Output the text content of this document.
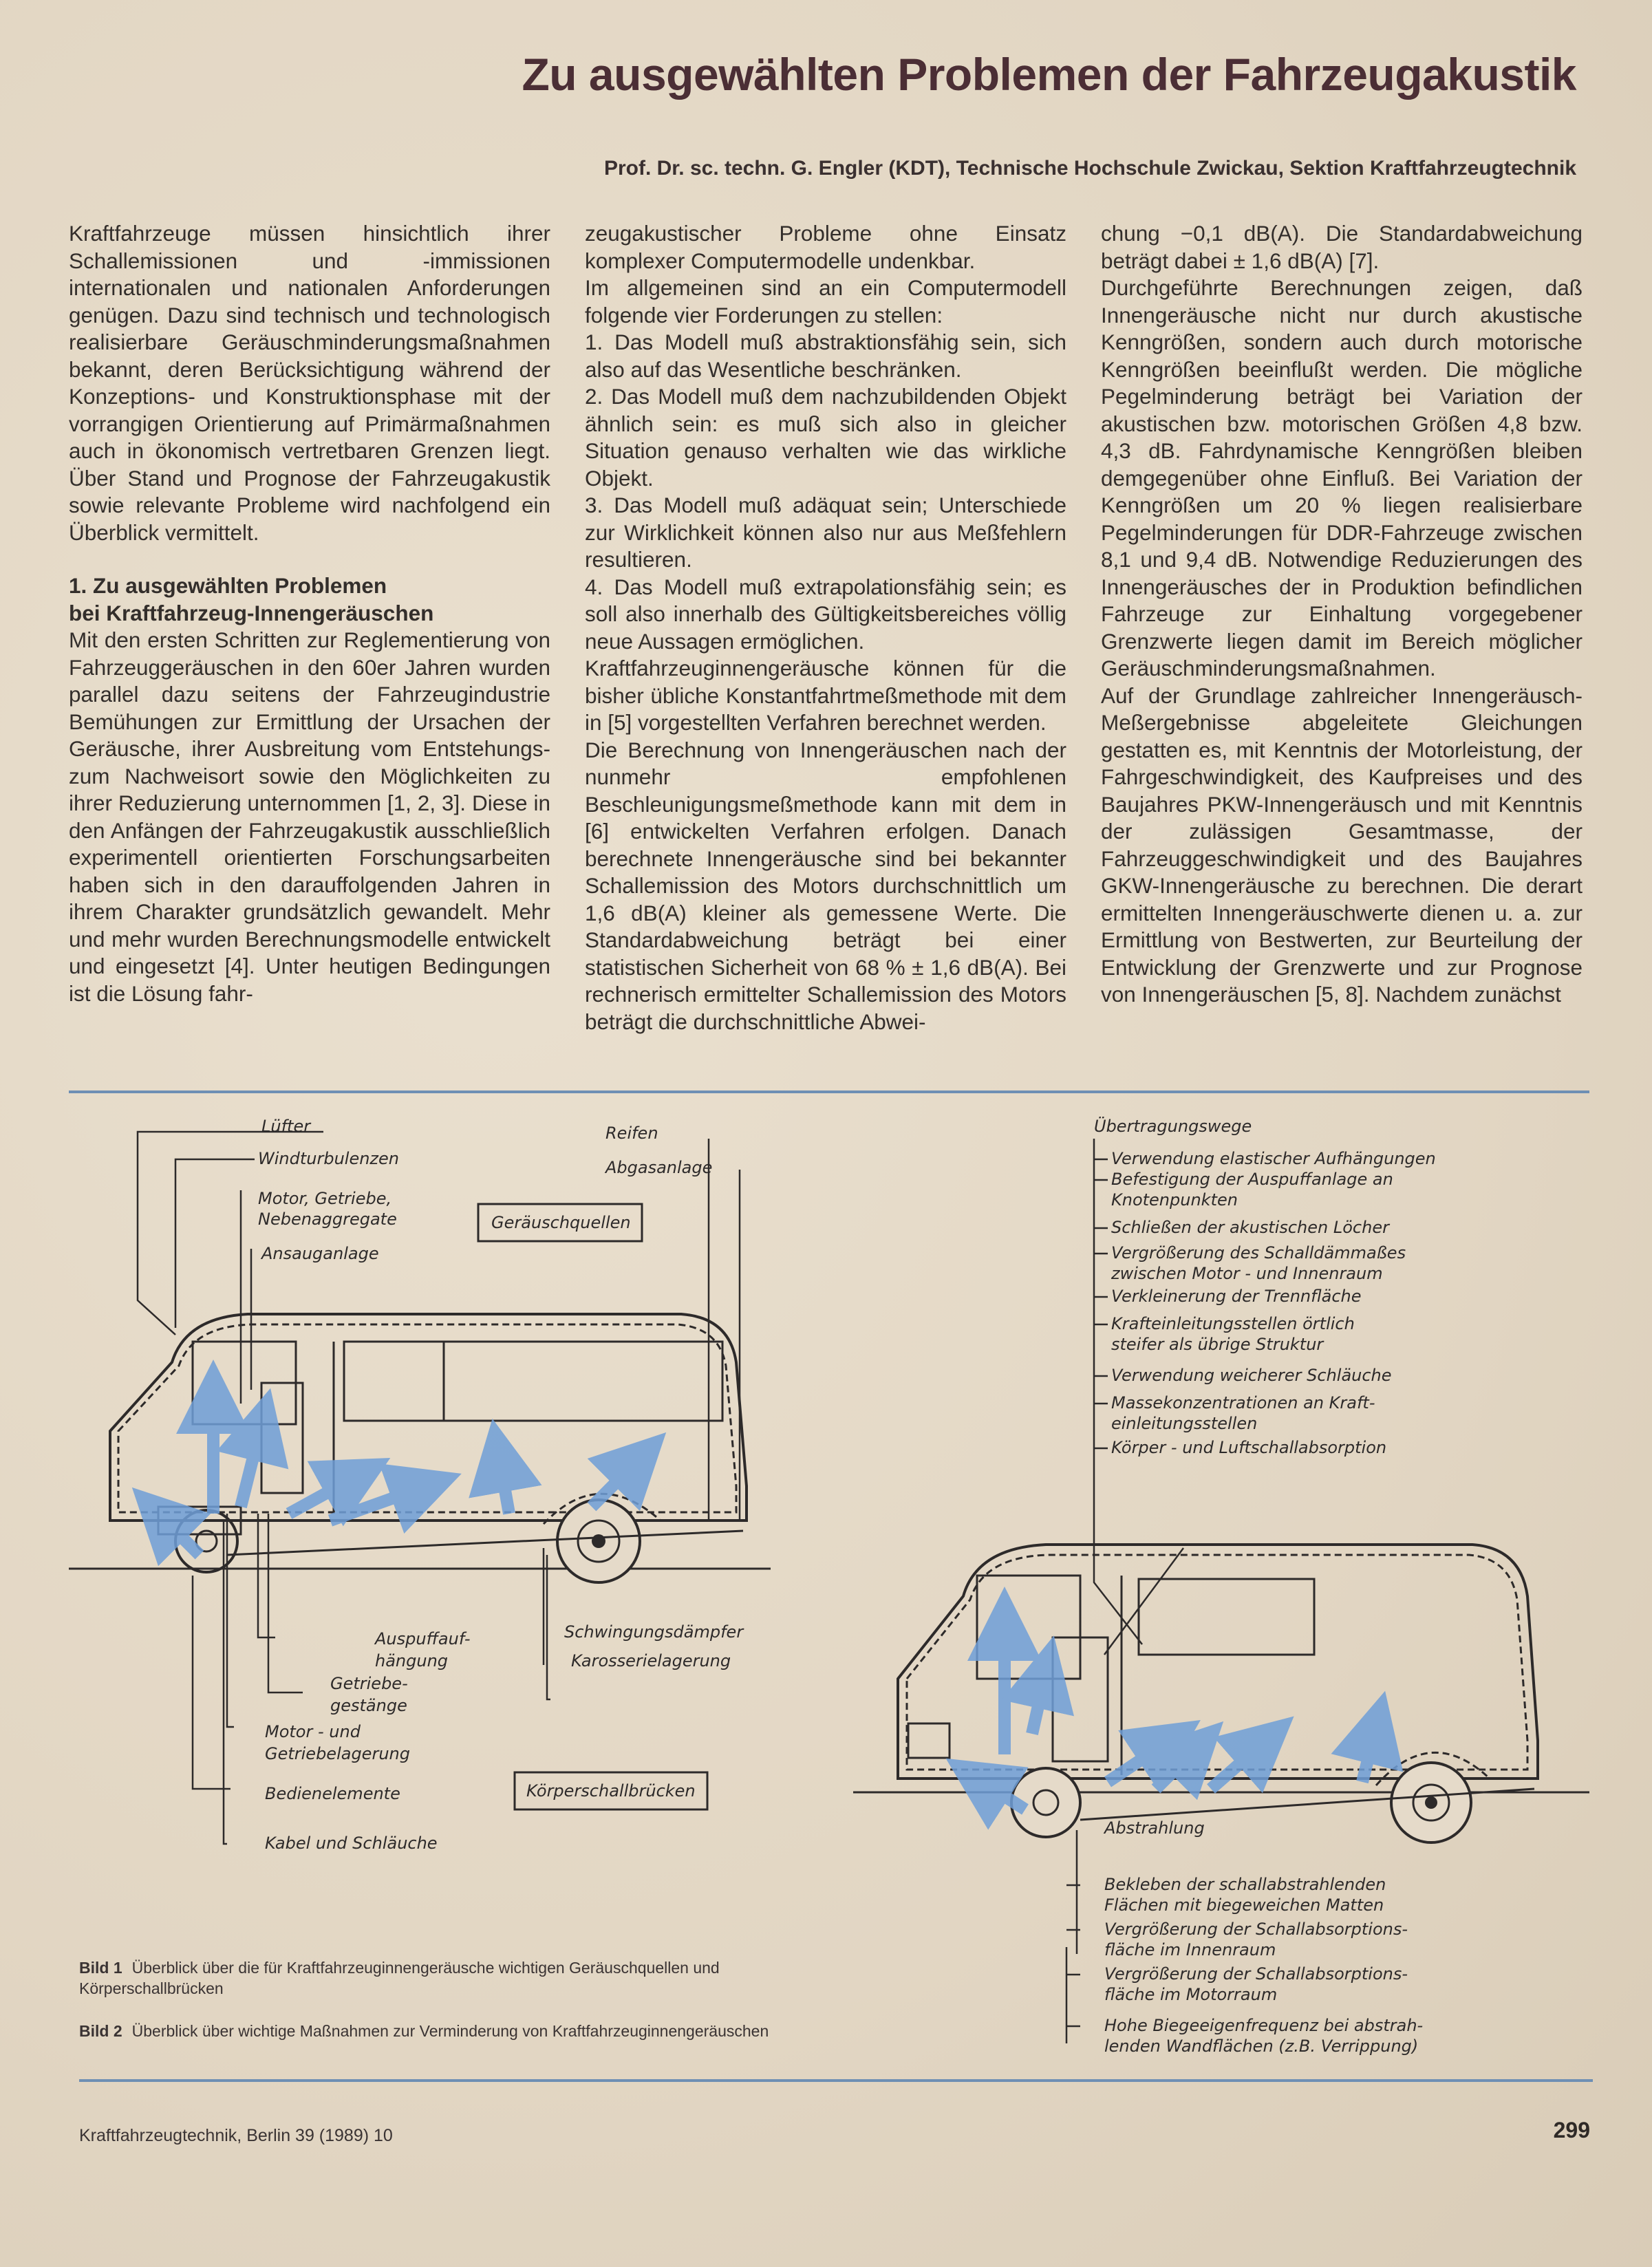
Zu ausgewählten Problemen der Fahrzeugakustik
Prof. Dr. sc. techn. G. Engler (KDT), Technische Hochschule Zwickau, Sektion Kraftfahrzeugtechnik

Kraftfahrzeuge müssen hinsichtlich ihrer Schallemissionen und -immissionen internationalen und nationalen Anforderungen genügen. Dazu sind technisch und technologisch realisierbare Geräuschminderungsmaßnahmen bekannt, deren Berücksichtigung während der Konzeptions- und Konstruktionsphase mit der vorrangigen Orientierung auf Primärmaßnahmen auch in ökonomisch vertretbaren Grenzen liegt. Über Stand und Prognose der Fahrzeugakustik sowie relevante Probleme wird nachfolgend ein Überblick vermittelt.

1. Zu ausgewählten Problemen

bei Kraftfahrzeug-Innengeräuschen

Mit den ersten Schritten zur Reglementierung von Fahrzeuggeräuschen in den 60er Jahren wurden parallel dazu seitens der Fahrzeugindustrie Bemühungen zur Ermittlung der Ursachen der Geräusche, ihrer Ausbreitung vom Entstehungs- zum Nachweisort sowie den Möglichkeiten zu ihrer Reduzierung unternommen [1, 2, 3]. Diese in den Anfängen der Fahrzeugakustik ausschließlich experimentell orientierten Forschungsarbeiten haben sich in den darauffolgenden Jahren in ihrem Charakter grundsätzlich gewandelt. Mehr und mehr wurden Berechnungsmodelle entwickelt und eingesetzt [4]. Unter heutigen Bedingungen ist die Lösung fahr-

zeugakustischer Probleme ohne Einsatz komplexer Computermodelle undenkbar.

Im allgemeinen sind an ein Computermodell folgende vier Forderungen zu stellen:

1. Das Modell muß abstraktionsfähig sein, sich also auf das Wesentliche beschränken.

2. Das Modell muß dem nachzubildenden Objekt ähnlich sein: es muß sich also in gleicher Situation genauso verhalten wie das wirkliche Objekt.

3. Das Modell muß adäquat sein; Unterschiede zur Wirklichkeit können also nur aus Meßfehlern resultieren.

4. Das Modell muß extrapolationsfähig sein; es soll also innerhalb des Gültigkeitsbereiches völlig neue Aussagen ermöglichen.

Kraftfahrzeuginnengeräusche können für die bisher übliche Konstantfahrtmeßmethode mit dem in [5] vorgestellten Verfahren berechnet werden.

Die Berechnung von Innengeräuschen nach der nunmehr empfohlenen Beschleunigungsmeßmethode kann mit dem in [6] entwickelten Verfahren erfolgen. Danach berechnete Innengeräusche sind bei bekannter Schallemission des Motors durchschnittlich um 1,6 dB(A) kleiner als gemessene Werte. Die Standardabweichung beträgt bei einer statistischen Sicherheit von 68 % ± 1,6 dB(A). Bei rechnerisch ermittelter Schallemission des Motors beträgt die durchschnittliche Abwei-

chung −0,1 dB(A). Die Standardabweichung beträgt dabei ± 1,6 dB(A) [7].

Durchgeführte Berechnungen zeigen, daß Innengeräusche nicht nur durch akustische Kenngrößen, sondern auch durch motorische Kenngrößen beeinflußt werden. Die mögliche Pegelminderung beträgt bei Variation der akustischen bzw. motorischen Größen 4,8 bzw. 4,3 dB. Fahrdynamische Kenngrößen bleiben demgegenüber ohne Einfluß. Bei Variation der Kenngrößen um 20 % liegen realisierbare Pegelminderungen für DDR-Fahrzeuge zwischen 8,1 und 9,4 dB. Notwendige Reduzierungen des Innengeräusches der in Produktion befindlichen Fahrzeuge zur Einhaltung vorgegebener Grenzwerte liegen damit im Bereich möglicher Geräuschminderungsmaßnahmen.

Auf der Grundlage zahlreicher Innengeräusch-Meßergebnisse abgeleitete Gleichungen gestatten es, mit Kenntnis der Motorleistung, der Fahrgeschwindigkeit, des Kaufpreises und des Baujahres PKW-Innengeräusch und mit Kenntnis der zulässigen Gesamtmasse, der Fahrzeuggeschwindigkeit und des Baujahres GKW-Innengeräusche zu berechnen. Die derart ermittelten Innengeräuschwerte dienen u. a. zur Ermittlung von Bestwerten, zur Beurteilung der Entwicklung der Grenzwerte und zur Prognose von Innengeräuschen [5, 8]. Nachdem zunächst

Geräuschquellen
Körperschallbrücken
Lüfter
Windturbulenzen
Motor, Getriebe,
Nebenaggregate
Ansauganlage
Reifen
Abgasanlage
Auspuffauf-
hängung
Getriebe-
gestänge
Schwingungsdämpfer
Karosserielagerung
Motor - und
Getriebelagerung
Bedienelemente
Kabel und Schläuche
Übertragungswege
Verwendung elastischer Aufhängungen
Befestigung der Auspuffanlage an
Knotenpunkten
Schließen der akustischen Löcher
Vergrößerung des Schalldämmaßes
zwischen Motor - und Innenraum
Verkleinerung der Trennfläche
Krafteinleitungsstellen örtlich
steifer als übrige Struktur
Verwendung weicherer Schläuche
Massekonzentrationen an Kraft-
einleitungsstellen
Körper - und Luftschallabsorption
Abstrahlung
Bekleben der schallabstrahlenden
Flächen mit biegeweichen Matten
Vergrößerung der Schallabsorptions-
fläche im Innenraum
Vergrößerung der Schallabsorptions-
fläche im Motorraum
Hohe Biegeeigenfrequenz bei abstrah-
lenden Wandflächen (z.B. Verrippung)
Bild 1 Überblick über die für Kraftfahrzeuginnengeräusche wichtigen Geräuschquellen und Körperschallbrücken
Bild 2 Überblick über wichtige Maßnahmen zur Verminderung von Kraftfahrzeuginnengeräuschen
Kraftfahrzeugtechnik, Berlin 39 (1989) 10	299
